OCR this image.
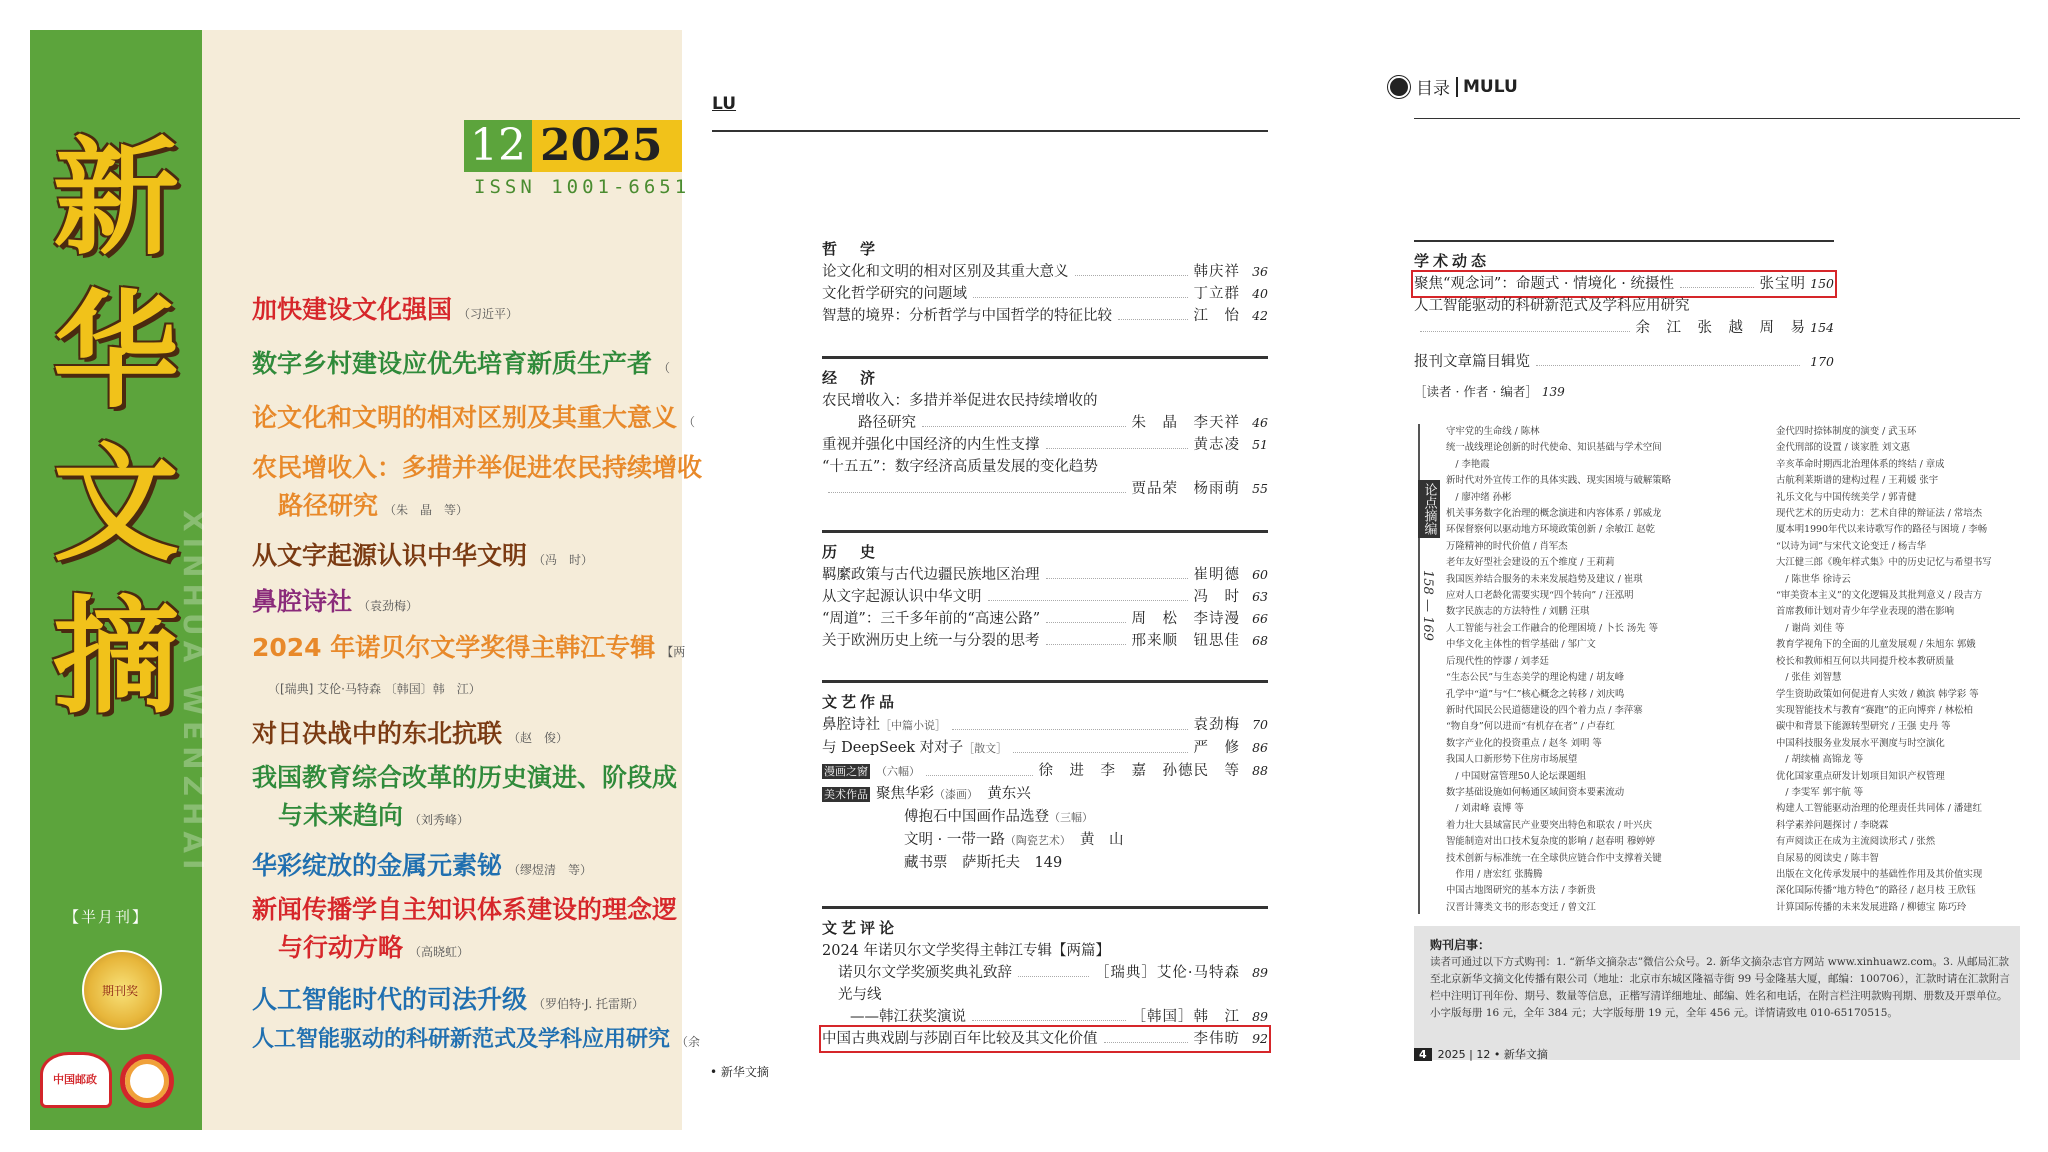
XINHUA WENZHAI
新
华
文
摘
【半月刊】
期刊奖
中国邮政
12 2025
ISSN 1001-6651
加快建设文化强国 （习近平）
数字乡村建设应优先培育新质生产者 （
论文化和文明的相对区别及其重大意义 （
农民增收入：多措并举促进农民持续增收
路径研究 （朱　晶　等）
从文字起源认识中华文明 （冯　时）
鼻腔诗社 （袁劲梅）
2024 年诺贝尔文学奖得主韩江专辑 【两
（[瑞典] 艾伦·马特森 〔韩国〕韩　江）
对日决战中的东北抗联 （赵　俊）
我国教育综合改革的历史演进、阶段成
与未来趋向 （刘秀峰）
华彩绽放的金属元素铋 （缪煜清　等）
新闻传播学自主知识体系建设的理念逻
与行动方略 （高晓虹）
人工智能时代的司法升级 （罗伯特·J. 托雷斯）
人工智能驱动的科研新范式及学科应用研究 （余
LU
• 新华文摘
哲　学
论文化和文明的相对区别及其重大意义	韩庆祥 36
文化哲学研究的问题域	丁立群 40
智慧的境界：分析哲学与中国哲学的特征比较	江　怡 42
经　济
农民增收入：多措并举促进农民持续增收的
路径研究	朱　晶　李天祥 46
重视并强化中国经济的内生性支撑	黄志凌 51
“十五五”：数字经济高质量发展的变化趋势
贾品荣　杨雨萌 55
历　史
羁縻政策与古代边疆民族地区治理	崔明德 60
从文字起源认识中华文明	冯　时 63
“周道”：三千多年前的“高速公路”	周　松　李诗漫 66
关于欧洲历史上统一与分裂的思考	邢来顺　钮思佳 68
文艺作品
鼻腔诗社［中篇小说］	袁劲梅 70
与 DeepSeek 对对子［散文］	严　修 86
漫画之窗 （六幅）	徐　进　李　嘉　孙德民　等 88
美术作品 聚焦华彩（漆画） 黄东兴
傅抱石中国画作品选登（三幅）
文明 · 一带一路（陶瓷艺术） 黄　山
藏书票　萨斯托夫　149
文艺评论
2024 年诺贝尔文学奖得主韩江专辑【两篇】
诺贝尔文学奖颁奖典礼致辞	［瑞典］艾伦·马特森 89
光与线
——韩江获奖演说	［韩国］韩　江 89
中国古典戏剧与莎剧百年比较及其文化价值	李伟昉 92
目录 MULU
学术动态
聚焦“观念词”：命题式 · 情境化 · 统摄性	张宝明 150
人工智能驱动的科研新范式及学科应用研究
余　江　张　越　周　易 154
报刊文章篇目辑览	170
［读者 · 作者 · 编者］ 139
论点摘编
158 — 169
守牢党的生命线 / 陈林
统一战线理论创新的时代使命、知识基础与学术空间
　/ 李艳霞
新时代对外宣传工作的具体实践、现实困境与破解策略
　/ 廖冲绪 孙彬
机关事务数字化治理的概念演进和内容体系 / 郭威龙
环保督察何以驱动地方环境政策创新 / 余敏江 赵乾
万隆精神的时代价值 / 肖军杰
老年友好型社会建设的五个维度 / 王莉莉
我国医养结合服务的未来发展趋势及建议 / 崔琪
应对人口老龄化需要实现“四个转向” / 汪泓明
数字民族志的方法特性 / 刘鹏 汪琪
人工智能与社会工作融合的伦理困境 / 卜长 汤先 等
中华文化主体性的哲学基础 / 邹广文
后现代性的悖谬 / 刘孝廷
“生态公民”与生态美学的理论构建 / 胡友峰
孔学中“道”与“仁”核心概念之转移 / 刘庆鸣
新时代国民公民道德建设的四个着力点 / 李萍寨
“物自身”何以进而“有机存在者” / 卢春红
数字产业化的投资重点 / 赵冬 刘明 等
我国人口新形势下住房市场展望
　/ 中国财富管理50人论坛课题组
数字基础设施如何畅通区域间资本要素流动
　/ 刘肃峰 袁博 等
着力壮大县域富民产业要突出特色和联农 / 叶兴庆
智能制造对出口技术复杂度的影响 / 赵春明 穆婷婷
技术创新与标准统一在全球供应链合作中支撑着关键
　作用 / 唐宏红 张腾腾
中国古地图研究的基本方法 / 李新贵
汉晋计簿类文书的形态变迁 / 曾文江
金代四时捺钵制度的演变 / 武玉环
金代刑部的设置 / 谈家胜 刘文惠
辛亥革命时期西北治理体系的终结 / 章成
古航利莱斯谱的建构过程 / 王莉媛 张宇
礼乐文化与中国传统美学 / 郭青健
现代艺术的历史动力：艺术自律的辩证法 / 常培杰
厦本明1990年代以来诗歌写作的路径与困境 / 李畅
“以诗为词”与宋代文论变迁 / 杨吉华
大江健三郎《晚年样式集》中的历史记忆与希望书写
　/ 陈世华 徐诗云
“审美资本主义”的文化逻辑及其批判意义 / 段吉方
首席教师计划对青少年学业表现的潜在影响
　/ 谢尚 刘佳 等
教育学视角下的全面的儿童发展观 / 朱旭东 郭娥
校长和教师相互何以共同提升校本教研质量
　/ 张佳 刘智慧
学生资助政策如何促进育人实效 / 赖滨 韩学彩 等
实现智能技术与教育“赛跑”的正向博弈 / 林松柏
碳中和背景下能源转型研究 / 王强 史丹 等
中国科技服务业发展水平测度与时空演化
　/ 胡续楠 高锦龙 等
优化国家重点研发计划项目知识产权管理
　/ 李雯军 郭宇航 等
构建人工智能驱动治理的伦理责任共同体 / 潘建红
科学素养问题探讨 / 李晓霖
有声阅读正在成为主流阅读形式 / 张然
自尿易的阅读史 / 陈丰智
出版在文化传承发展中的基础性作用及其价值实现
深化国际传播“地方特色”的路径 / 赵月枝 王欣钰
计算国际传播的未来发展进路 / 柳德宝 陈巧玲
购刊启事：
读者可通过以下方式购刊：1. “新华文摘杂志”微信公众号。2. 新华文摘杂志官方网站 www.xinhuawz.com。3. 从邮局汇款至北京新华文摘文化传播有限公司（地址：北京市东城区隆福寺街 99 号金隆基大厦，邮编：100706），汇款时请在汇款附言栏中注明订刊年份、期号、数量等信息，正楷写清详细地址、邮编、姓名和电话，在附言栏注明款购刊期、册数及开票单位。小字版每册 16 元，全年 384 元；大字版每册 19 元，全年 456 元。详情请致电 010-65170515。
4	2025 | 12 • 新华文摘
